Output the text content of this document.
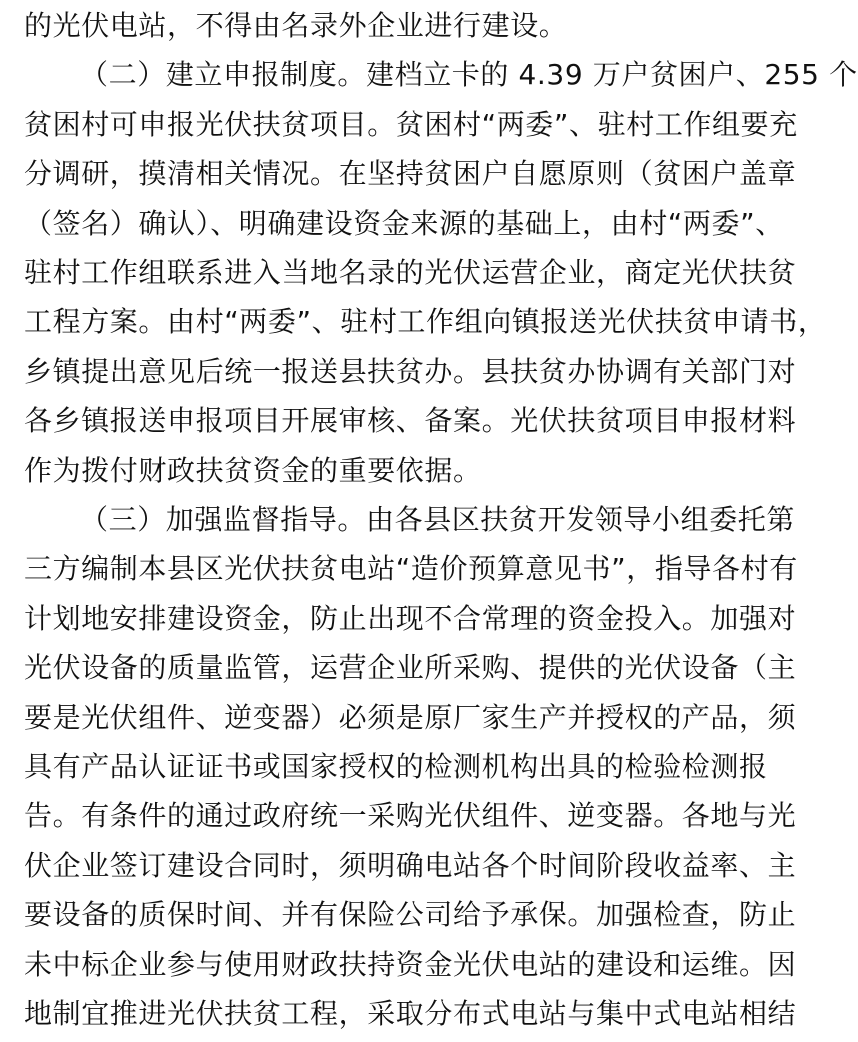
的光伏电站，不得由名录外企业进行建设。
（二）建立申报制度。建档立卡的 4.39 万户贫困户、255 个
贫困村可申报光伏扶贫项目。贫困村“两委”、驻村工作组要充
分调研，摸清相关情况。在坚持贫困户自愿原则（贫困户盖章
（签名）确认）、明确建设资金来源的基础上，由村“两委”、
驻村工作组联系进入当地名录的光伏运营企业，商定光伏扶贫
工程方案。由村“两委”、驻村工作组向镇报送光伏扶贫申请书，
乡镇提出意见后统一报送县扶贫办。县扶贫办协调有关部门对
各乡镇报送申报项目开展审核、备案。光伏扶贫项目申报材料
作为拨付财政扶贫资金的重要依据。
（三）加强监督指导。由各县区扶贫开发领导小组委托第
三方编制本县区光伏扶贫电站“造价预算意见书”，指导各村有
计划地安排建设资金，防止出现不合常理的资金投入。加强对
光伏设备的质量监管，运营企业所采购、提供的光伏设备（主
要是光伏组件、逆变器）必须是原厂家生产并授权的产品，须
具有产品认证证书或国家授权的检测机构出具的检验检测报
告。有条件的通过政府统一采购光伏组件、逆变器。各地与光
伏企业签订建设合同时，须明确电站各个时间阶段收益率、主
要设备的质保时间、并有保险公司给予承保。加强检查，防止
未中标企业参与使用财政扶持资金光伏电站的建设和运维。因
地制宜推进光伏扶贫工程，采取分布式电站与集中式电站相结
